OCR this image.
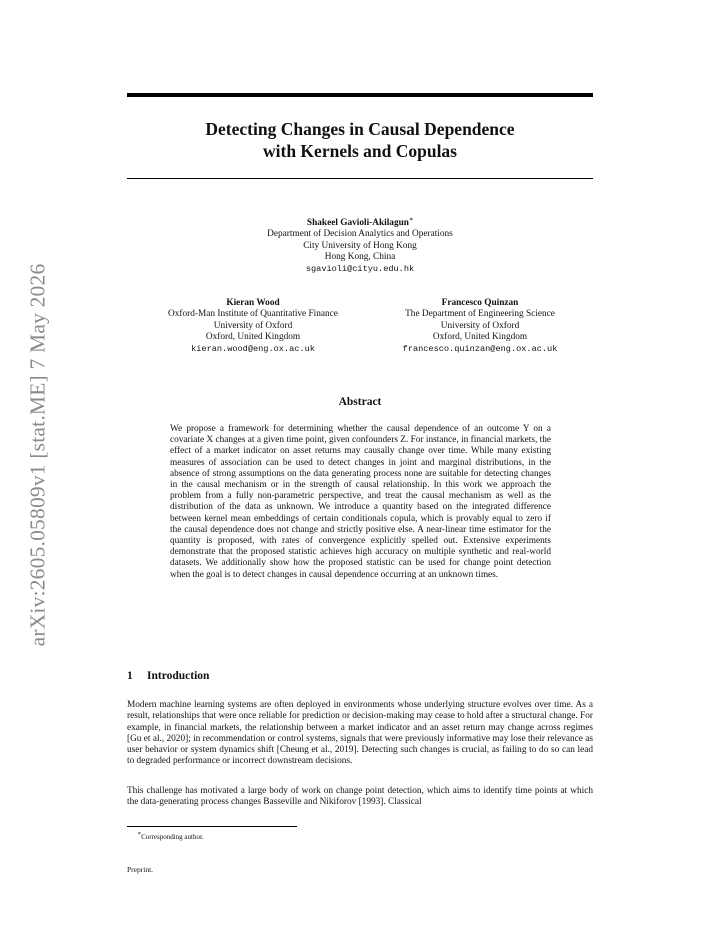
arXiv:2605.05809v1 [stat.ME] 7 May 2026
Detecting Changes in Causal Dependence
with Kernels and Copulas
Shakeel Gavioli-Akilagun∗
Department of Decision Analytics and Operations
City University of Hong Kong
Hong Kong, China
sgavioli@cityu.edu.hk
Kieran Wood
Oxford-Man Institute of Quantitative Finance
University of Oxford
Oxford, United Kingdom
kieran.wood@eng.ox.ac.uk
Francesco Quinzan
The Department of Engineering Science
University of Oxford
Oxford, United Kingdom
francesco.quinzan@eng.ox.ac.uk
Abstract
We propose a framework for determining whether the causal dependence of an outcome Y on a covariate X changes at a given time point, given confounders Z. For instance, in financial markets, the effect of a market indicator on asset returns may causally change over time. While many existing measures of association can be used to detect changes in joint and marginal distributions, in the absence of strong assumptions on the data generating process none are suitable for detecting changes in the causal mechanism or in the strength of causal relationship. In this work we approach the problem from a fully non-parametric perspective, and treat the causal mechanism as well as the distribution of the data as unknown. We introduce a quantity based on the integrated difference between kernel mean embeddings of certain conditionals copula, which is provably equal to zero if the causal dependence does not change and strictly positive else. A near-linear time estimator for the quantity is proposed, with rates of convergence explicitly spelled out. Extensive experiments demonstrate that the proposed statistic achieves high accuracy on multiple synthetic and real-world datasets. We additionally show how the proposed statistic can be used for change point detection when the goal is to detect changes in causal dependence occurring at an unknown times.
1 Introduction
Modern machine learning systems are often deployed in environments whose underlying structure evolves over time. As a result, relationships that were once reliable for prediction or decision-making may cease to hold after a structural change. For example, in financial markets, the relationship between a market indicator and an asset return may change across regimes [Gu et al., 2020]; in recommendation or control systems, signals that were previously informative may lose their relevance as user behavior or system dynamics shift [Cheung et al., 2019]. Detecting such changes is crucial, as failing to do so can lead to degraded performance or incorrect downstream decisions.
This challenge has motivated a large body of work on change point detection, which aims to identify time points at which the data-generating process changes Basseville and Nikiforov [1993]. Classical
∗Corresponding author.
Preprint.
